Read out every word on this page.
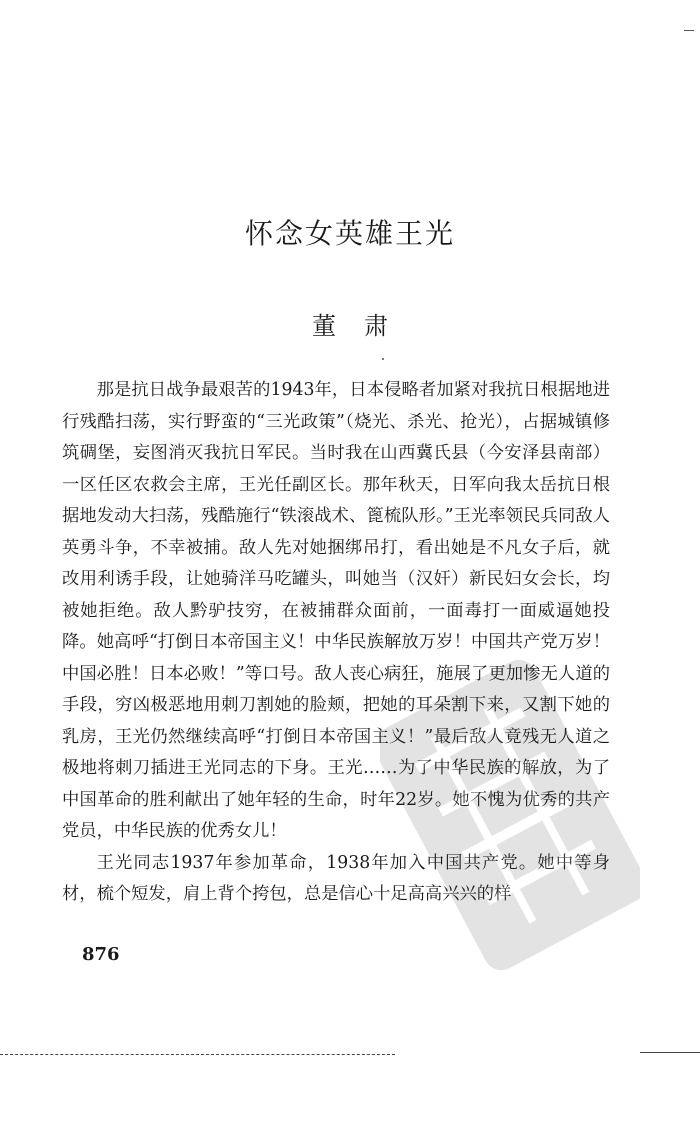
怀念女英雄王光
董肃

那是抗日战争最艰苦的1943年，日本侵略者加紧对我抗日根据地进行残酷扫荡，实行野蛮的“三光政策”（烧光、杀光、抢光），占据城镇修筑碉堡，妄图消灭我抗日军民。当时我在山西冀氏县（今安泽县南部）一区任区农救会主席，王光任副区长。那年秋天，日军向我太岳抗日根据地发动大扫荡，残酷施行“铁滚战术、篦梳队形。”王光率领民兵同敌人英勇斗争，不幸被捕。敌人先对她捆绑吊打，看出她是不凡女子后，就改用利诱手段，让她骑洋马吃罐头，叫她当（汉奸）新民妇女会长，均被她拒绝。敌人黔驴技穷，在被捕群众面前，一面毒打一面威逼她投降。她高呼“打倒日本帝国主义！中华民族解放万岁！中国共产党万岁！中国必胜！日本必败！”等口号。敌人丧心病狂，施展了更加惨无人道的手段，穷凶极恶地用刺刀割她的脸颊，把她的耳朵割下来，又割下她的乳房，王光仍然继续高呼“打倒日本帝国主义！”最后敌人竟残无人道之极地将刺刀插进王光同志的下身。王光……为了中华民族的解放，为了中国革命的胜利献出了她年轻的生命，时年22岁。她不愧为优秀的共产党员，中华民族的优秀女儿！

王光同志1937年参加革命，1938年加入中国共产党。她中等身材，梳个短发，肩上背个挎包，总是信心十足高高兴兴的样

876
